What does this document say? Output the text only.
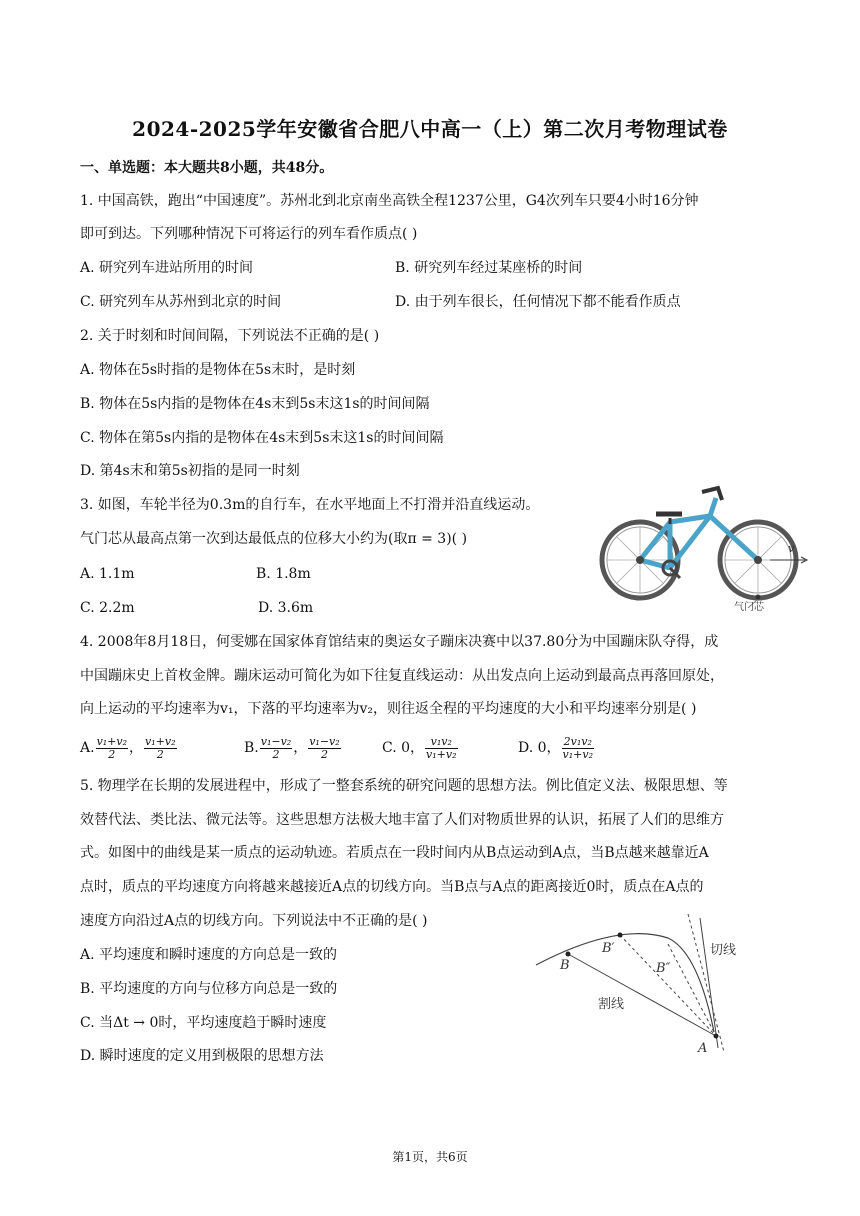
2024-2025学年安徽省合肥八中高一（上）第二次月考物理试卷
一、单选题：本大题共8小题，共48分。
1. 中国高铁，跑出“中国速度”。苏州北到北京南坐高铁全程1237公里，G4次列车只要4小时16分钟
即可到达。下列哪种情况下可将运行的列车看作质点( )
A. 研究列车进站所用的时间	B. 研究列车经过某座桥的时间
C. 研究列车从苏州到北京的时间	D. 由于列车很长，任何情况下都不能看作质点
2. 关于时刻和时间间隔，下列说法不正确的是( )
A. 物体在5s时指的是物体在5s末时，是时刻
B. 物体在5s内指的是物体在4s末到5s末这1s的时间间隔
C. 物体在第5s内指的是物体在4s末到5s末这1s的时间间隔
D. 第4s末和第5s初指的是同一时刻
3. 如图，车轮半径为0.3m的自行车，在水平地面上不打滑并沿直线运动。
气门芯从最高点第一次到达最低点的位移大小约为(取π = 3)( )
A. 1.1m	B. 1.8m
C. 2.2m	D. 3.6m
v
气门芯
4. 2008年8月18日，何雯娜在国家体育馆结束的奥运女子蹦床决赛中以37.80分为中国蹦床队夺得，成
中国蹦床史上首枚金牌。蹦床运动可简化为如下往复直线运动：从出发点向上运动到最高点再落回原处，
向上运动的平均速率为v₁，下落的平均速率为v₂，则往返全程的平均速度的大小和平均速率分别是( )
A. $\frac{\text{v₁+v₂}}{2}$ ， $\frac{\text{v₁+v₂}}{2}$	B. $\frac{\text{v₁−v₂}}{2}$ ， $\frac{\text{v₁−v₂}}{2}$	C. 0， $\frac{\text{v₁v₂}}{\text{v₁+v₂}}$	D. 0， $\frac{\text{2v₁v₂}}{\text{v₁+v₂}}$
5. 物理学在长期的发展进程中，形成了一整套系统的研究问题的思想方法。例比值定义法、极限思想、等
效替代法、类比法、微元法等。这些思想方法极大地丰富了人们对物质世界的认识，拓展了人们的思维方
式。如图中的曲线是某一质点的运动轨迹。若质点在一段时间内从B点运动到A点，当B点越来越靠近A
点时，质点的平均速度方向将越来越接近A点的切线方向。当B点与A点的距离接近0时，质点在A点的
速度方向沿过A点的切线方向。下列说法中不正确的是( )
A. 平均速度和瞬时速度的方向总是一致的
B. 平均速度的方向与位移方向总是一致的
C. 当Δt → 0时，平均速度趋于瞬时速度
D. 瞬时速度的定义用到极限的思想方法
B
B′
B″
A
切线
割线
第1页，共6页
